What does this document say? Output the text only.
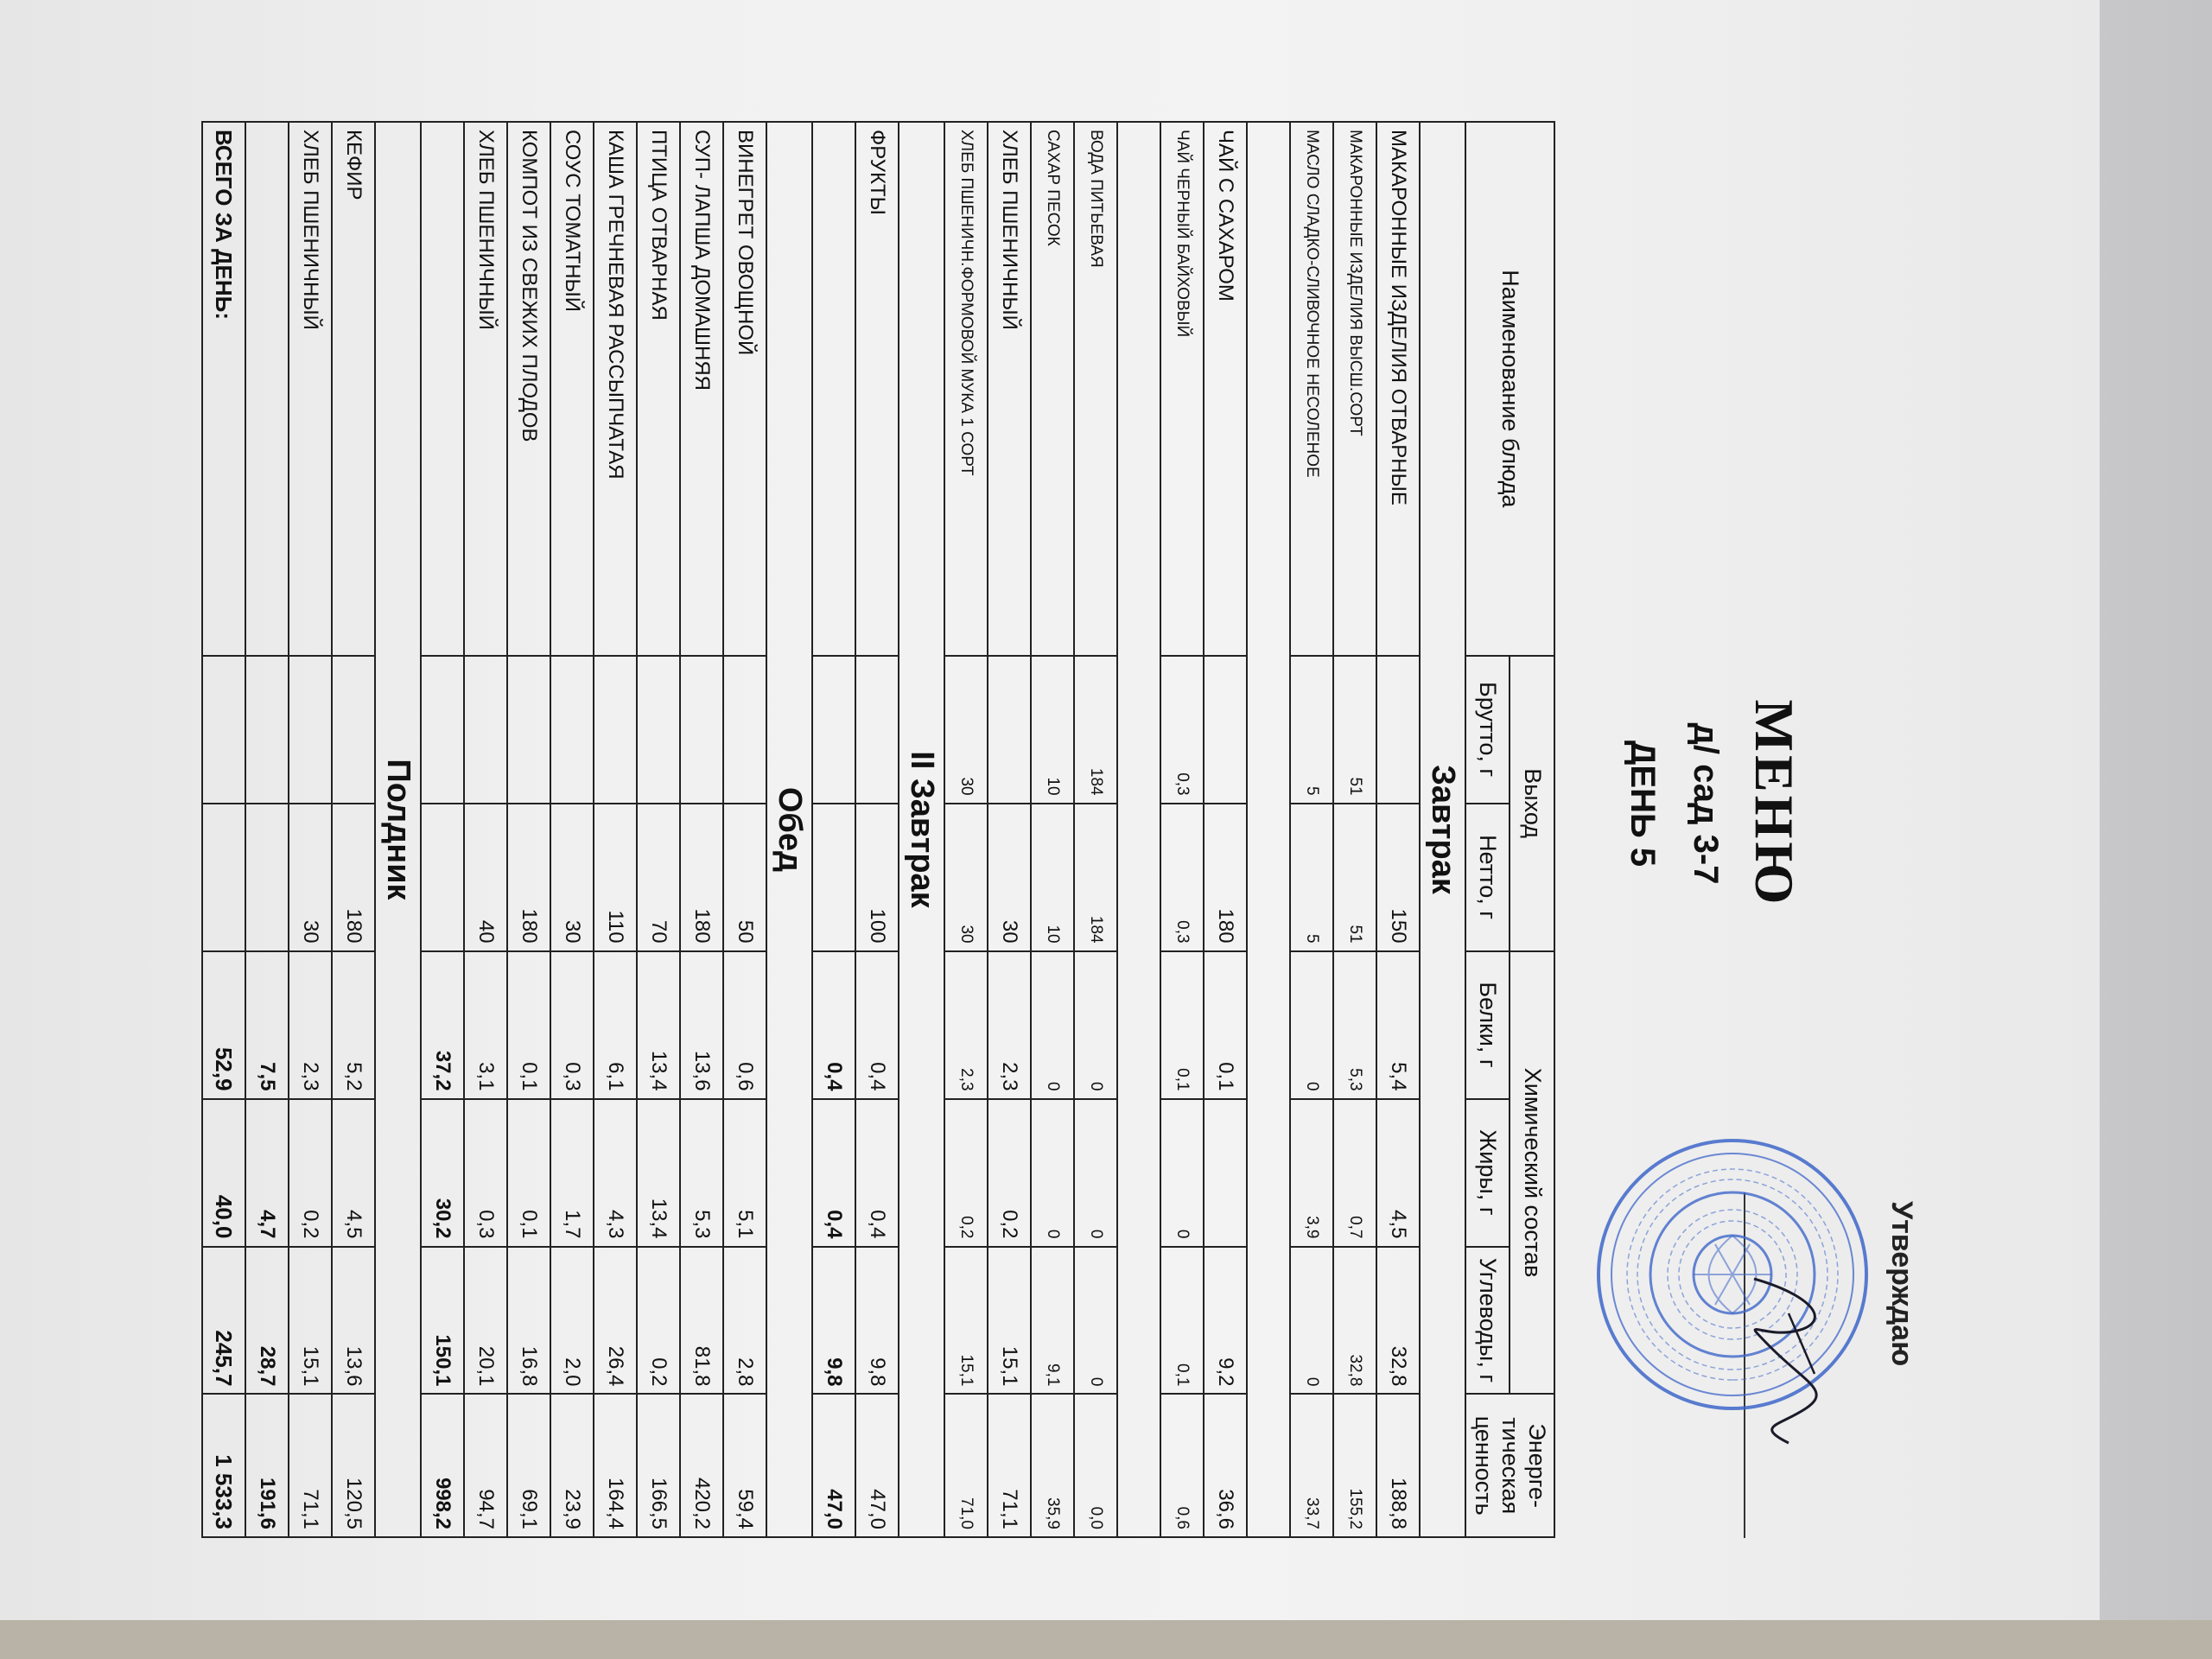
Утверждаю
МЕНЮ
д/ сад 3-7
ДЕНЬ 5
Наименование блюда	Выход		Химический состав			Энерге- тическая ценность
	Брутто, г	Нетто, г	Белки, г	Жиры, г	Углеводы, г	
Завтрак						
МАКАРОННЫЕ ИЗДЕЛИЯ ОТВАРНЫЕ		150	5,4	4,5	32,8	188,8
МАКАРОННЫЕ ИЗДЕЛИЯ ВЫСШ.СОРТ	51	51	5,3	0,7	32,8	155,2
МАСЛО СЛАДКО-СЛИВОЧНОЕ НЕСОЛЕНОЕ	5	5	0	3,9	0	33,7

ЧАЙ С САХАРОМ		180	0,1		9,2	36,6
ЧАЙ ЧЕРНЫЙ БАЙХОВЫЙ	0,3	0,3	0,1	0	0,1	0,6

ВОДА ПИТЬЕВАЯ	184	184	0	0	0	0,0
САХАР ПЕСОК	10	10	0	0	9,1	35,9
ХЛЕБ ПШЕНИЧНЫЙ		30	2,3	0,2	15,1	71,1
ХЛЕБ ПШЕНИЧН.ФОРМОВОЙ МУКА 1 СОРТ	30	30	2,3	0,2	15,1	71,0
II Завтрак						
ФРУКТЫ		100	0,4	0,4	9,8	47,0
			0,4	0,4	9,8	47,0
Обед						
ВИНЕГРЕТ ОВОЩНОЙ		50	0,6	5,1	2,8	59,4
СУП- ЛАПША ДОМАШНЯЯ		180	13,6	5,3	81,8	420,2
ПТИЦА ОТВАРНАЯ		70	13,4	13,4	0,2	166,5
КАША ГРЕЧНЕВАЯ РАССЫПЧАТАЯ		110	6,1	4,3	26,4	164,4
СОУС ТОМАТНЫЙ		30	0,3	1,7	2,0	23,9
КОМПОТ ИЗ СВЕЖИХ ПЛОДОВ		180	0,1	0,1	16,8	69,1
ХЛЕБ ПШЕНИЧНЫЙ		40	3,1	0,3	20,1	94,7
			37,2	30,2	150,1	998,2
Полдник						
КЕФИР		180	5,2	4,5	13,6	120,5
ХЛЕБ ПШЕНИЧНЫЙ		30	2,3	0,2	15,1	71,1
			7,5	4,7	28,7	191,6
ВСЕГО ЗА ДЕНЬ:			52,9	40,0	245,7	1 533,3
